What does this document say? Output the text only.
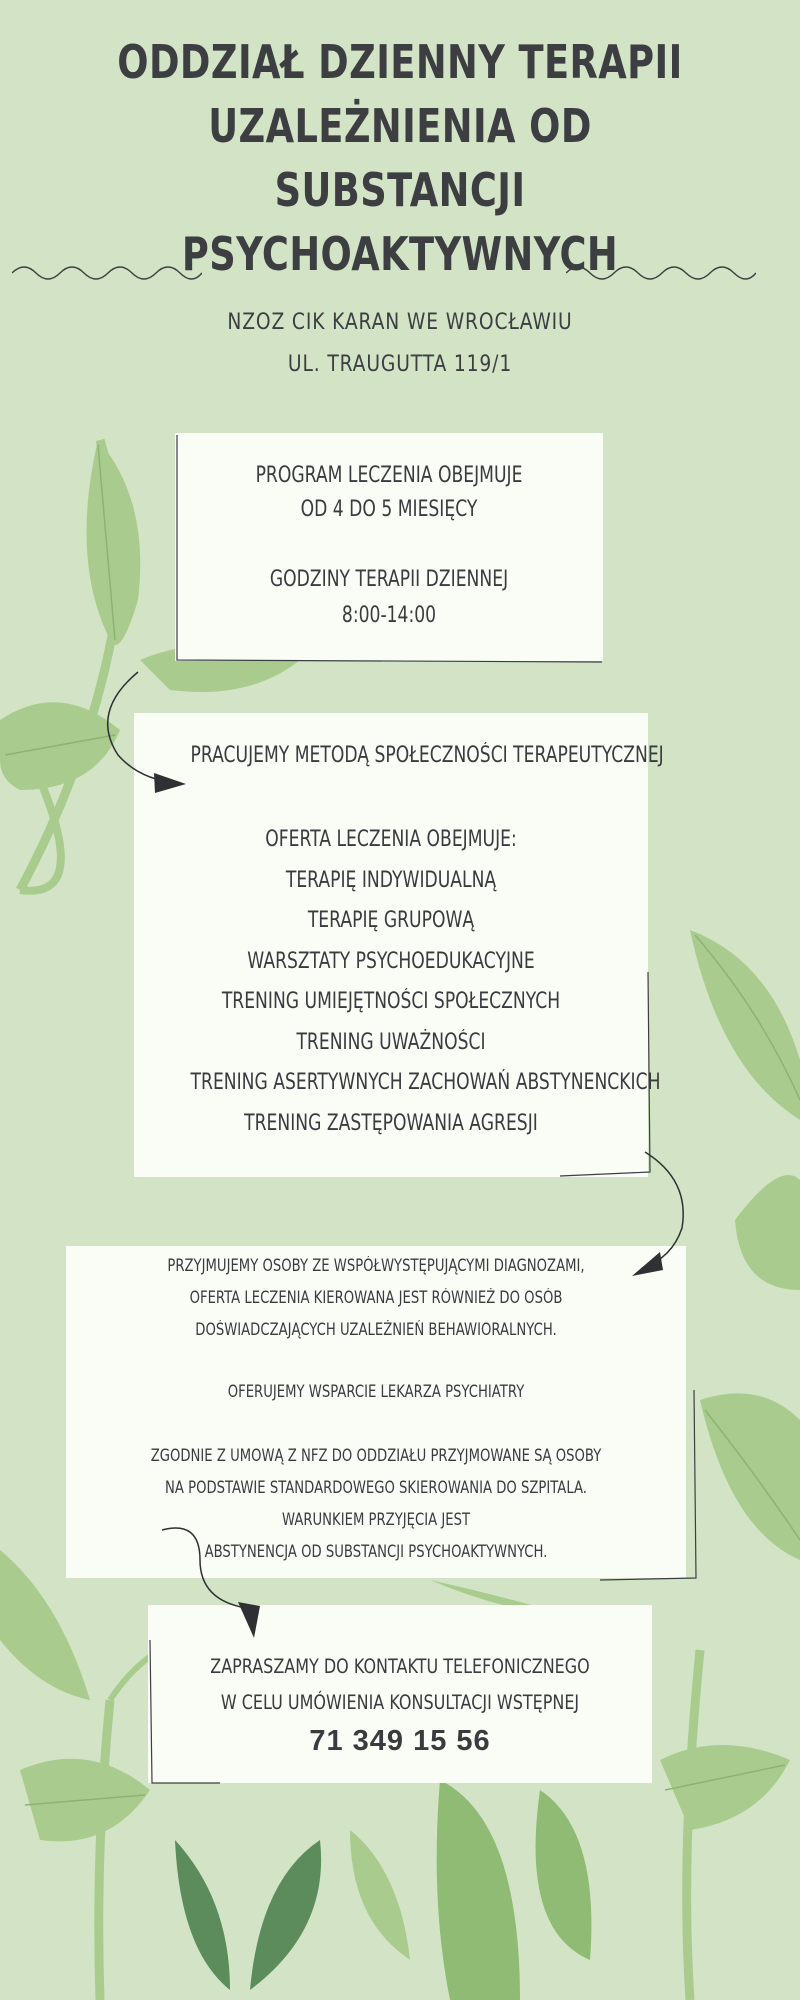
ODDZIAŁ DZIENNY TERAPII
UZALEŻNIENIA OD
SUBSTANCJI
PSYCHOAKTYWNYCH
NZOZ CIK KARAN WE WROCŁAWIU
UL. TRAUGUTTA 119/1
PROGRAM LECZENIA OBEJMUJE
OD 4 DO 5 MIESIĘCY
GODZINY TERAPII DZIENNEJ
8:00-14:00
PRACUJEMY METODĄ SPOŁECZNOŚCI TERAPEUTYCZNEJ
OFERTA LECZENIA OBEJMUJE:
TERAPIĘ INDYWIDUALNĄ
TERAPIĘ GRUPOWĄ
WARSZTATY PSYCHOEDUKACYJNE
TRENING UMIEJĘTNOŚCI SPOŁECZNYCH
TRENING UWAŻNOŚCI
TRENING ASERTYWNYCH ZACHOWAŃ ABSTYNENCKICH
TRENING ZASTĘPOWANIA AGRESJI
PRZYJMUJEMY OSOBY ZE WSPÓŁWYSTĘPUJĄCYMI DIAGNOZAMI,
OFERTA LECZENIA KIEROWANA JEST RÓWNIEŻ DO OSÓB
DOŚWIADCZAJĄCYCH UZALEŻNIEŃ BEHAWIORALNYCH.
OFERUJEMY WSPARCIE LEKARZA PSYCHIATRY
ZGODNIE Z UMOWĄ Z NFZ DO ODDZIAŁU PRZYJMOWANE SĄ OSOBY
NA PODSTAWIE STANDARDOWEGO SKIEROWANIA DO SZPITALA.
WARUNKIEM PRZYJĘCIA JEST
ABSTYNENCJA OD SUBSTANCJI PSYCHOAKTYWNYCH.
ZAPRASZAMY DO KONTAKTU TELEFONICZNEGO
W CELU UMÓWIENIA KONSULTACJI WSTĘPNEJ
71 349 15 56
